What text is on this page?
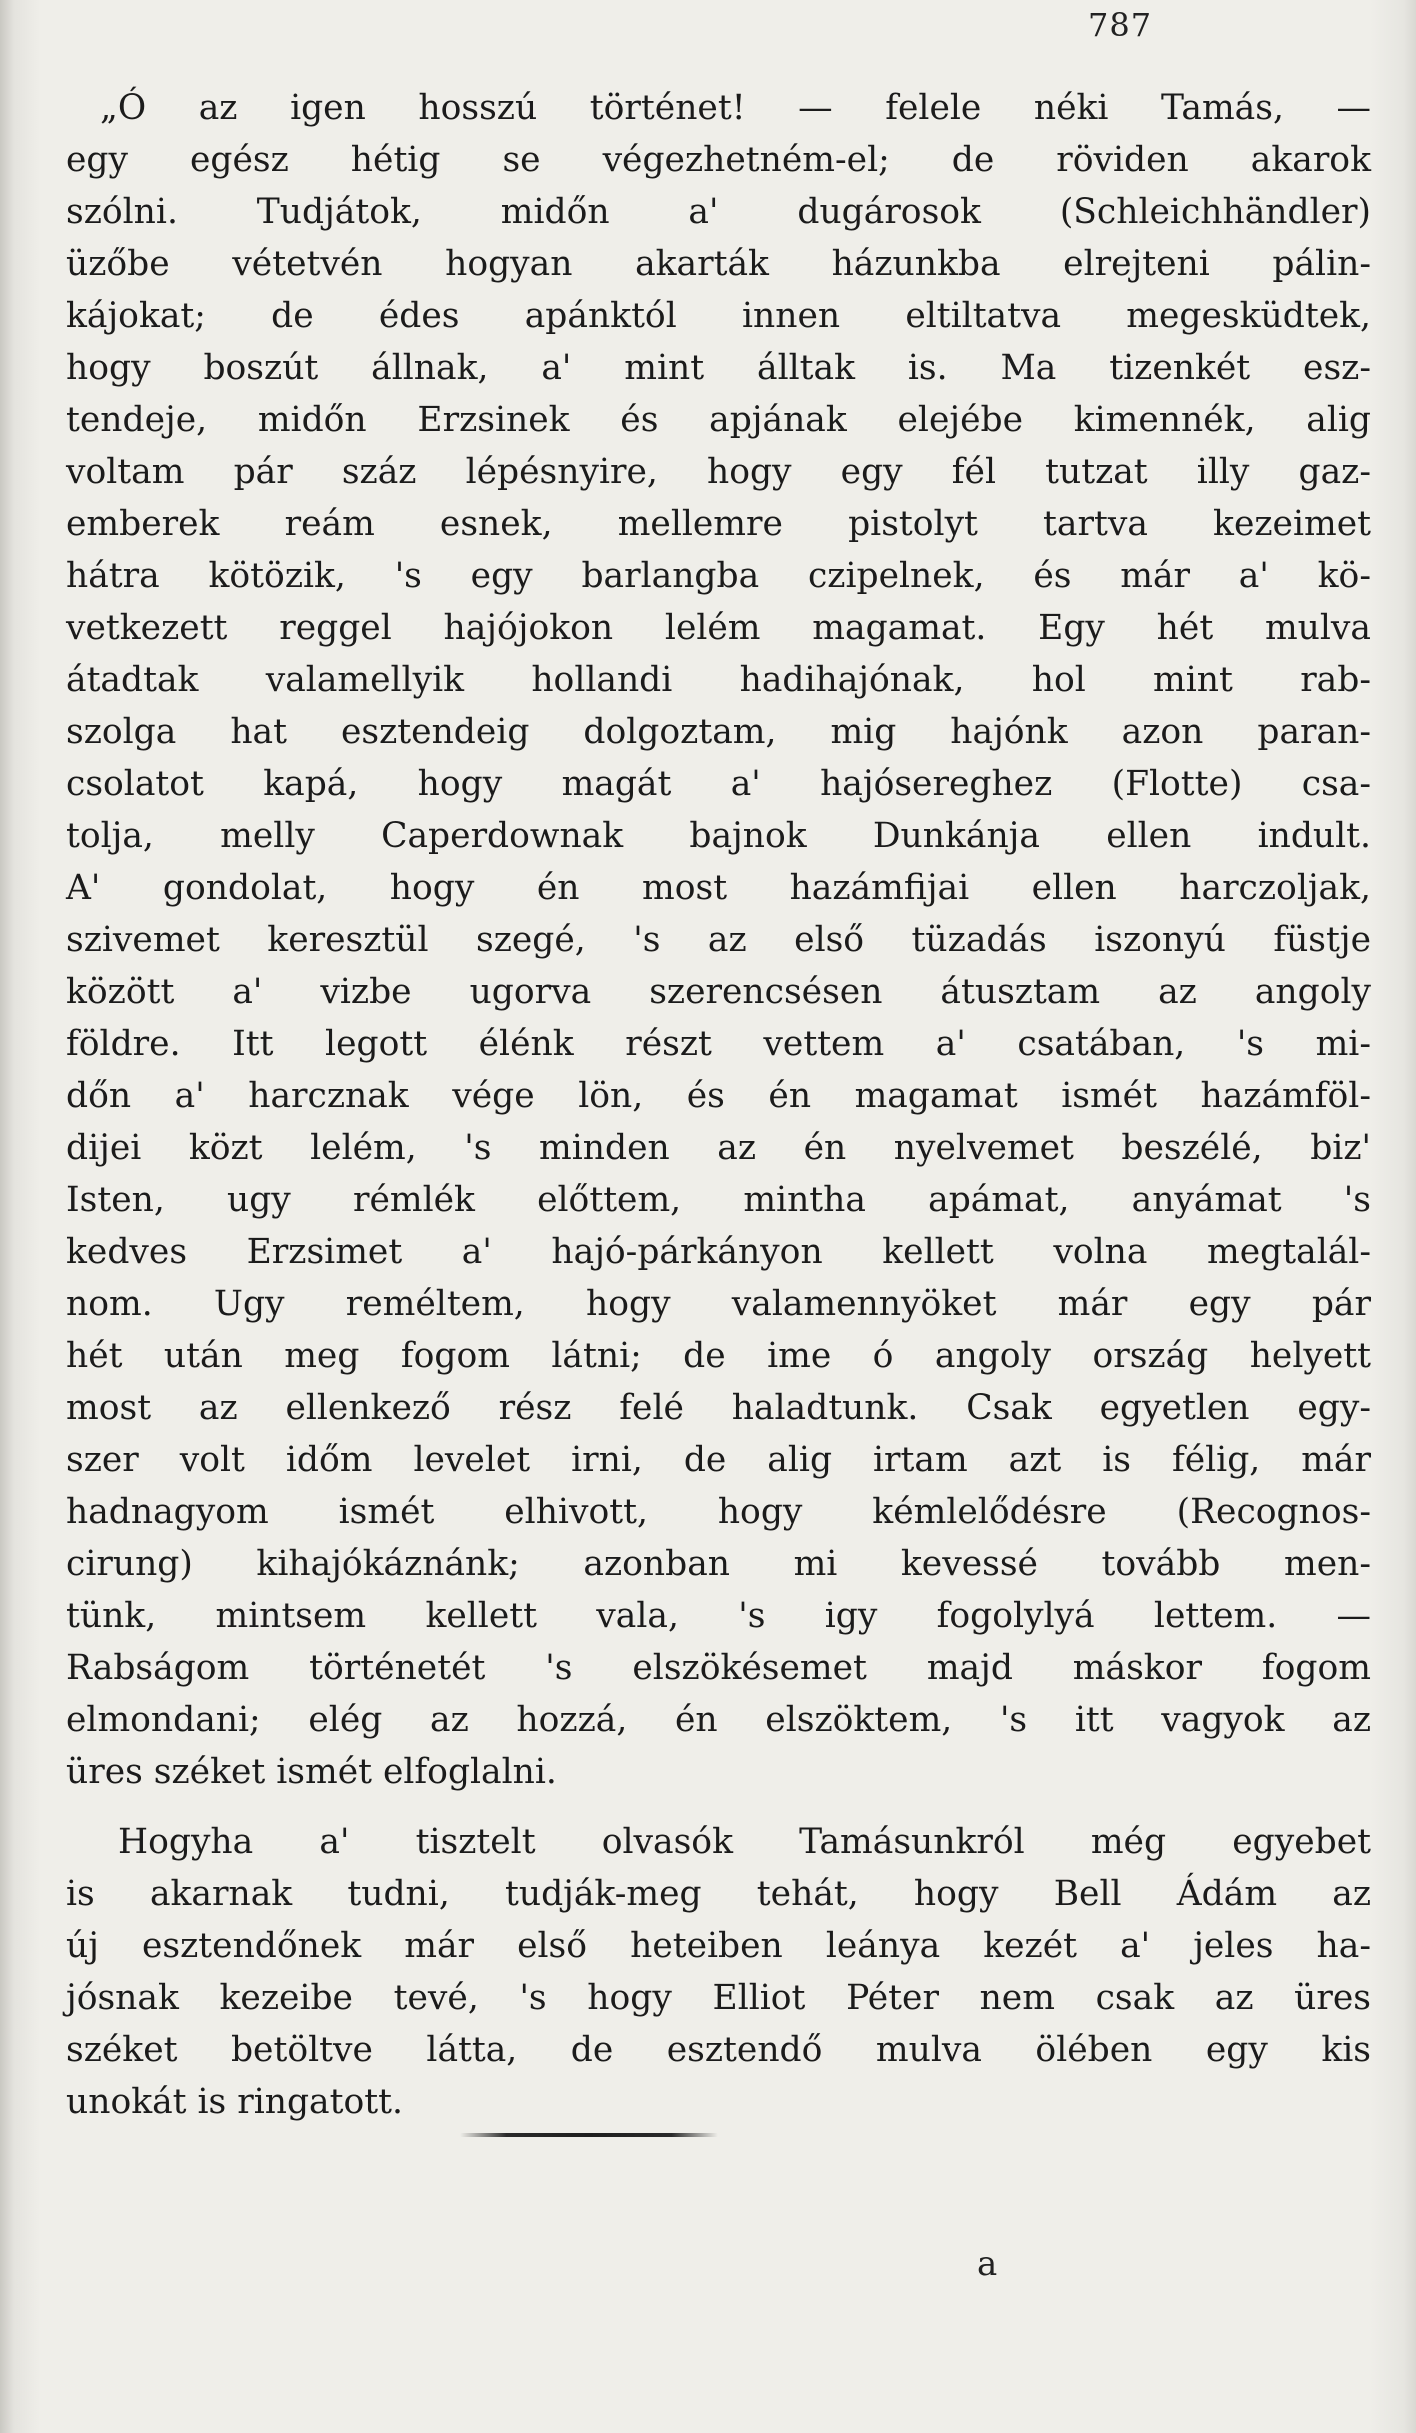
787
„Ó az igen hosszú történet! — felele néki Tamás, —
egy egész hétig se végezhetném-el; de röviden akarok
szólni. Tudjátok, midőn a' dugárosok (Schleichhändler)
üzőbe vétetvén hogyan akarták házunkba elrejteni pálin-
kájokat; de édes apánktól innen eltiltatva megesküdtek,
hogy boszút állnak, a' mint álltak is. Ma tizenkét esz-
tendeje, midőn Erzsinek és apjának elejébe kimennék, alig
voltam pár száz lépésnyire, hogy egy fél tutzat illy gaz-
emberek reám esnek, mellemre pistolyt tartva kezeimet
hátra kötözik, 's egy barlangba czipelnek, és már a' kö-
vetkezett reggel hajójokon lelém magamat. Egy hét mulva
átadtak valamellyik hollandi hadihajónak, hol mint rab-
szolga hat esztendeig dolgoztam, mig hajónk azon paran-
csolatot kapá, hogy magát a' hajósereghez (Flotte) csa-
tolja, melly Caperdownak bajnok Dunkánja ellen indult.
A' gondolat, hogy én most hazámfijai ellen harczoljak,
szivemet keresztül szegé, 's az első tüzadás iszonyú füstje
között a' vizbe ugorva szerencsésen átusztam az angoly
földre. Itt legott élénk részt vettem a' csatában, 's mi-
dőn a' harcznak vége lön, és én magamat ismét hazámföl-
dijei közt lelém, 's minden az én nyelvemet beszélé, biz'
Isten, ugy rémlék előttem, mintha apámat, anyámat 's
kedves Erzsimet a' hajó-párkányon kellett volna megtalál-
nom. Ugy reméltem, hogy valamennyöket már egy pár
hét után meg fogom látni; de ime ó angoly ország helyett
most az ellenkező rész felé haladtunk. Csak egyetlen egy-
szer volt időm levelet irni, de alig irtam azt is félig, már
hadnagyom ismét elhivott, hogy kémlelődésre (Recognos-
cirung) kihajókáznánk; azonban mi kevessé tovább men-
tünk, mintsem kellett vala, 's igy fogolylyá lettem. —
Rabságom történetét 's elszökésemet majd máskor fogom
elmondani; elég az hozzá, én elszöktem, 's itt vagyok az
üres széket ismét elfoglalni.
Hogyha a' tisztelt olvasók Tamásunkról még egyebet
is akarnak tudni, tudják-meg tehát, hogy Bell Ádám az
új esztendőnek már első heteiben leánya kezét a' jeles ha-
jósnak kezeibe tevé, 's hogy Elliot Péter nem csak az üres
széket betöltve látta, de esztendő mulva ölében egy kis
unokát is ringatott.
a
